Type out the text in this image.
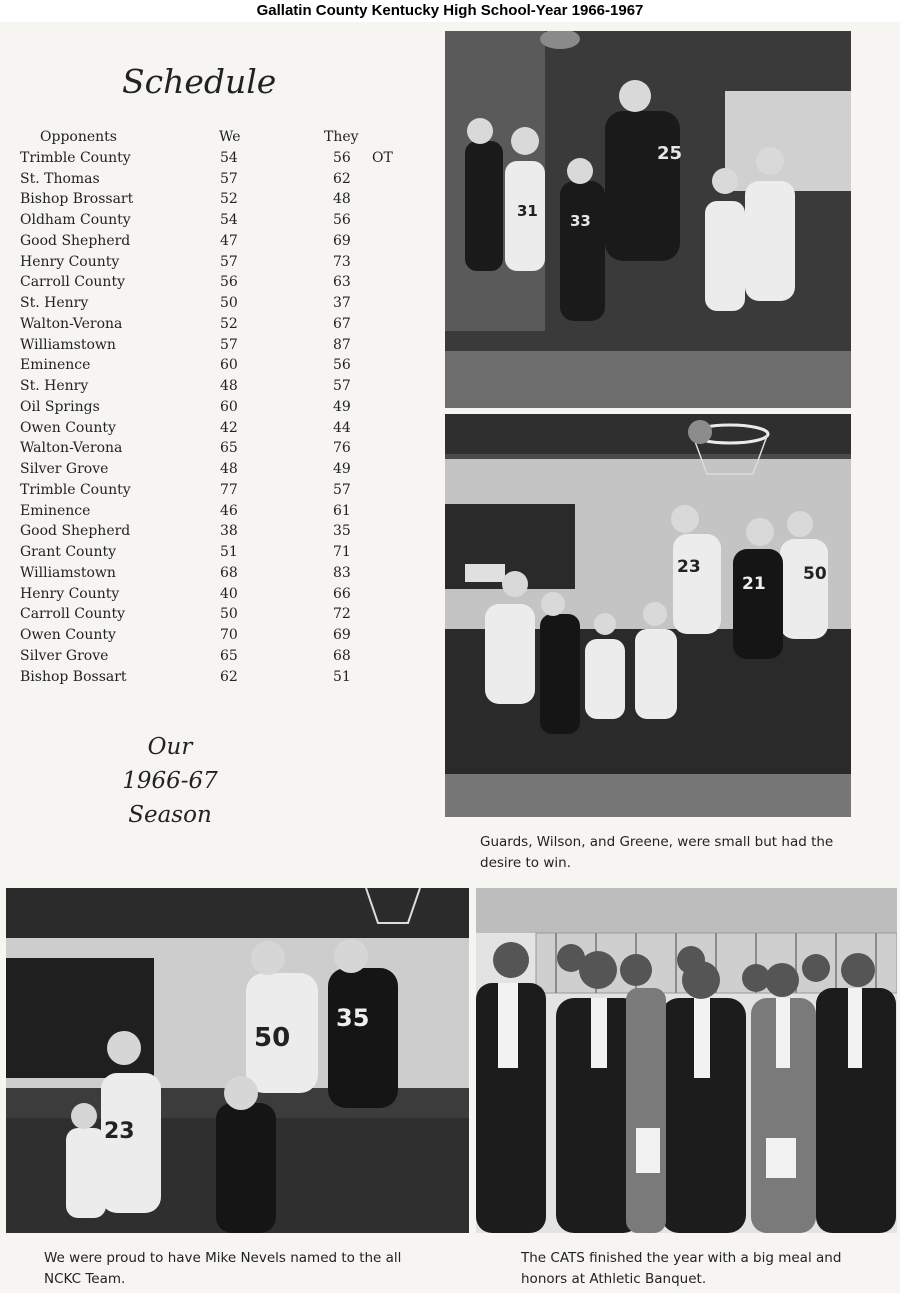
Gallatin County Kentucky High School-Year 1966-1967
Schedule
Opponents	We	They
Trimble County	54	56 OT
St. Thomas	57	62
Bishop Brossart	52	48
Oldham County	54	56
Good Shepherd	47	69
Henry County	57	73
Carroll County	56	63
St. Henry	50	37
Walton-Verona	52	67
Williamstown	57	87
Eminence	60	56
St. Henry	48	57
Oil Springs	60	49
Owen County	42	44
Walton-Verona	65	76
Silver Grove	48	49
Trimble County	77	57
Eminence	46	61
Good Shepherd	38	35
Grant County	51	71
Williamstown	68	83
Henry County	40	66
Carroll County	50	72
Owen County	70	69
Silver Grove	65	68
Bishop Bossart	62	51
Our
1966-67
Season
25
31
33
23
21 50
Guards, Wilson, and Greene, were small but had the desire to win.
50
35
23
We were proud to have Mike Nevels named to the all NCKC Team.
The CATS finished the year with a big meal and honors at Athletic Banquet.
